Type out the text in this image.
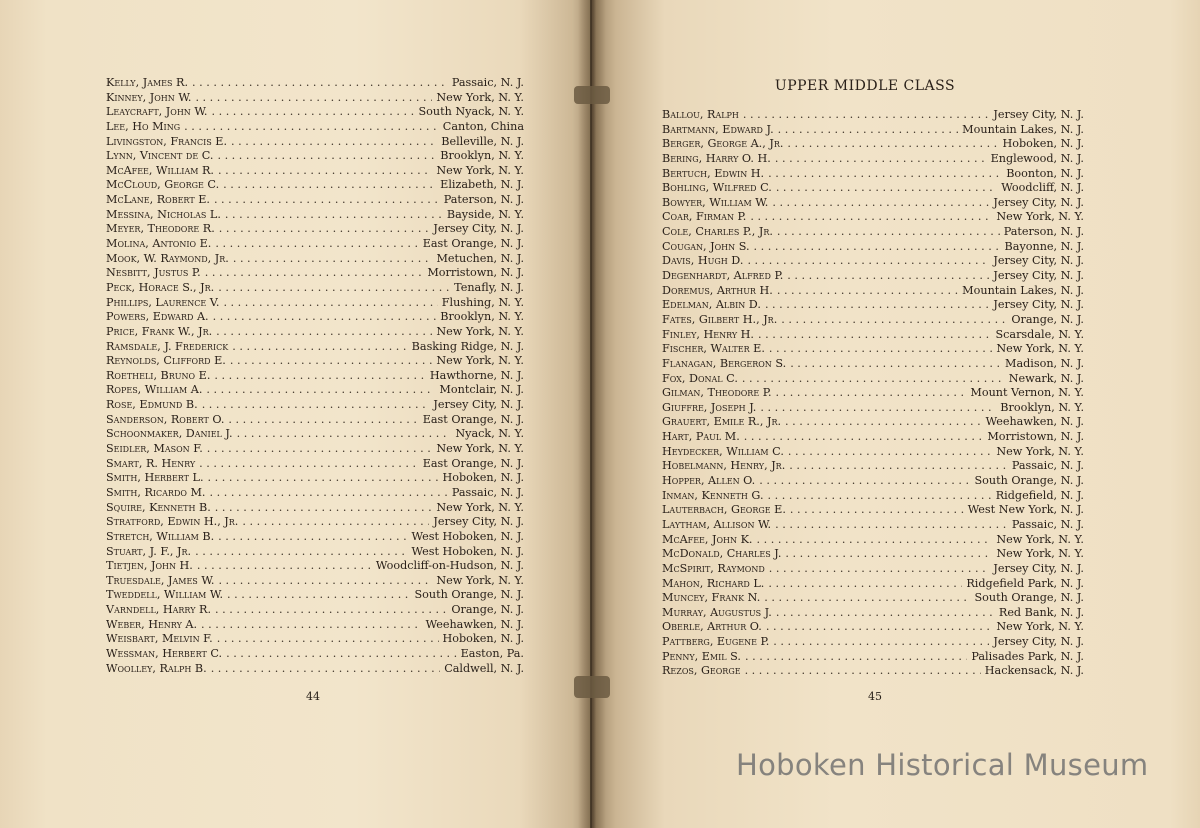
Kelly, James R. . . .	Passaic, N. J.
Kinney, John W. . . .	New York, N. Y.
Leaycraft, John W. . . .	South Nyack, N. Y.
Lee, Ho Ming . . .	Canton, China
Livingston, Francis E. . . .	Belleville, N. J.
Lynn, Vincent de C. . . .	Brooklyn, N. Y.
McAfee, William R. . . .	New York, N. Y.
McCloud, George C. . . .	Elizabeth, N. J.
McLane, Robert E. . . .	Paterson, N. J.
Messina, Nicholas L. . . .	Bayside, N. Y.
Meyer, Theodore R. . . .	Jersey City, N. J.
Molina, Antonio E. . . .	East Orange, N. J.
Mook, W. Raymond, Jr. . . .	Metuchen, N. J.
Nesbitt, Justus P. . . .	Morristown, N. J.
Peck, Horace S., Jr. . . .	Tenafly, N. J.
Phillips, Laurence V. . . .	Flushing, N. Y.
Powers, Edward A. . . .	Brooklyn, N. Y.
Price, Frank W., Jr. . . .	New York, N. Y.
Ramsdale, J. Frederick . . .	Basking Ridge, N. J.
Reynolds, Clifford E. . . .	New York, N. Y.
Roetheli, Bruno E. . . .	Hawthorne, N. J.
Ropes, William A. . . .	Montclair, N. J.
Rose, Edmund B. . . .	Jersey City, N. J.
Sanderson, Robert O. . . .	East Orange, N. J.
Schoonmaker, Daniel J. . . .	Nyack, N. Y.
Seidler, Mason F. . . .	New York, N. Y.
Smart, R. Henry . . .	East Orange, N. J.
Smith, Herbert L. . . .	Hoboken, N. J.
Smith, Ricardo M. . . .	Passaic, N. J.
Squire, Kenneth B. . . .	New York, N. Y.
Stratford, Edwin H., Jr. . . .	Jersey City, N. J.
Stretch, William B. . . .	West Hoboken, N. J.
Stuart, J. F., Jr. . . .	West Hoboken, N. J.
Tietjen, John H. . . .	Woodcliff-on-Hudson, N. J.
Truesdale, James W. . . .	New York, N. Y.
Tweddell, William W. . . .	South Orange, N. J.
Varndell, Harry R. . . .	Orange, N. J.
Weber, Henry A. . . .	Weehawken, N. J.
Weisbart, Melvin F. . . .	Hoboken, N. J.
Wessman, Herbert C. . . .	Easton, Pa.
Woolley, Ralph B. . . .	Caldwell, N. J.
44
UPPER MIDDLE CLASS
Ballou, Ralph . . .	Jersey City, N. J.
Bartmann, Edward J. . . .	Mountain Lakes, N. J.
Berger, George A., Jr. . . .	Hoboken, N. J.
Bering, Harry O. H. . . .	Englewood, N. J.
Bertuch, Edwin H. . . .	Boonton, N. J.
Bohling, Wilfred C. . . .	Woodcliff, N. J.
Bowyer, William W. . . .	Jersey City, N. J.
Coar, Firman P. . . .	New York, N. Y.
Cole, Charles P., Jr. . . .	Paterson, N. J.
Cougan, John S. . . .	Bayonne, N. J.
Davis, Hugh D. . . .	Jersey City, N. J.
Degenhardt, Alfred P. . . .	Jersey City, N. J.
Doremus, Arthur H. . . .	Mountain Lakes, N. J.
Edelman, Albin D. . . .	Jersey City, N. J.
Fates, Gilbert H., Jr. . . .	Orange, N. J.
Finley, Henry H. . . .	Scarsdale, N. Y.
Fischer, Walter E. . . .	New York, N. Y.
Flanagan, Bergeron S. . . .	Madison, N. J.
Fox, Donal C. . . .	Newark, N. J.
Gilman, Theodore P. . . .	Mount Vernon, N. Y.
Giuffre, Joseph J. . . .	Brooklyn, N. Y.
Grauert, Emile R., Jr. . . .	Weehawken, N. J.
Hart, Paul M. . . .	Morristown, N. J.
Heydecker, William C. . . .	New York, N. Y.
Hobelmann, Henry, Jr. . . .	Passaic, N. J.
Hopper, Allen O. . . .	South Orange, N. J.
Inman, Kenneth G. . . .	Ridgefield, N. J.
Lauterbach, George E. . . .	West New York, N. J.
Laytham, Allison W. . . .	Passaic, N. J.
McAfee, John K. . . .	New York, N. Y.
McDonald, Charles J. . . .	New York, N. Y.
McSpirit, Raymond . . .	Jersey City, N. J.
Mahon, Richard L. . . .	Ridgefield Park, N. J.
Muncey, Frank N. . . .	South Orange, N. J.
Murray, Augustus J. . . .	Red Bank, N. J.
Oberle, Arthur O. . . .	New York, N. Y.
Pattberg, Eugene P. . . .	Jersey City, N. J.
Penny, Emil S. . . .	Palisades Park, N. J.
Rezos, George . . .	Hackensack, N. J.
45
Hoboken Historical Museum
